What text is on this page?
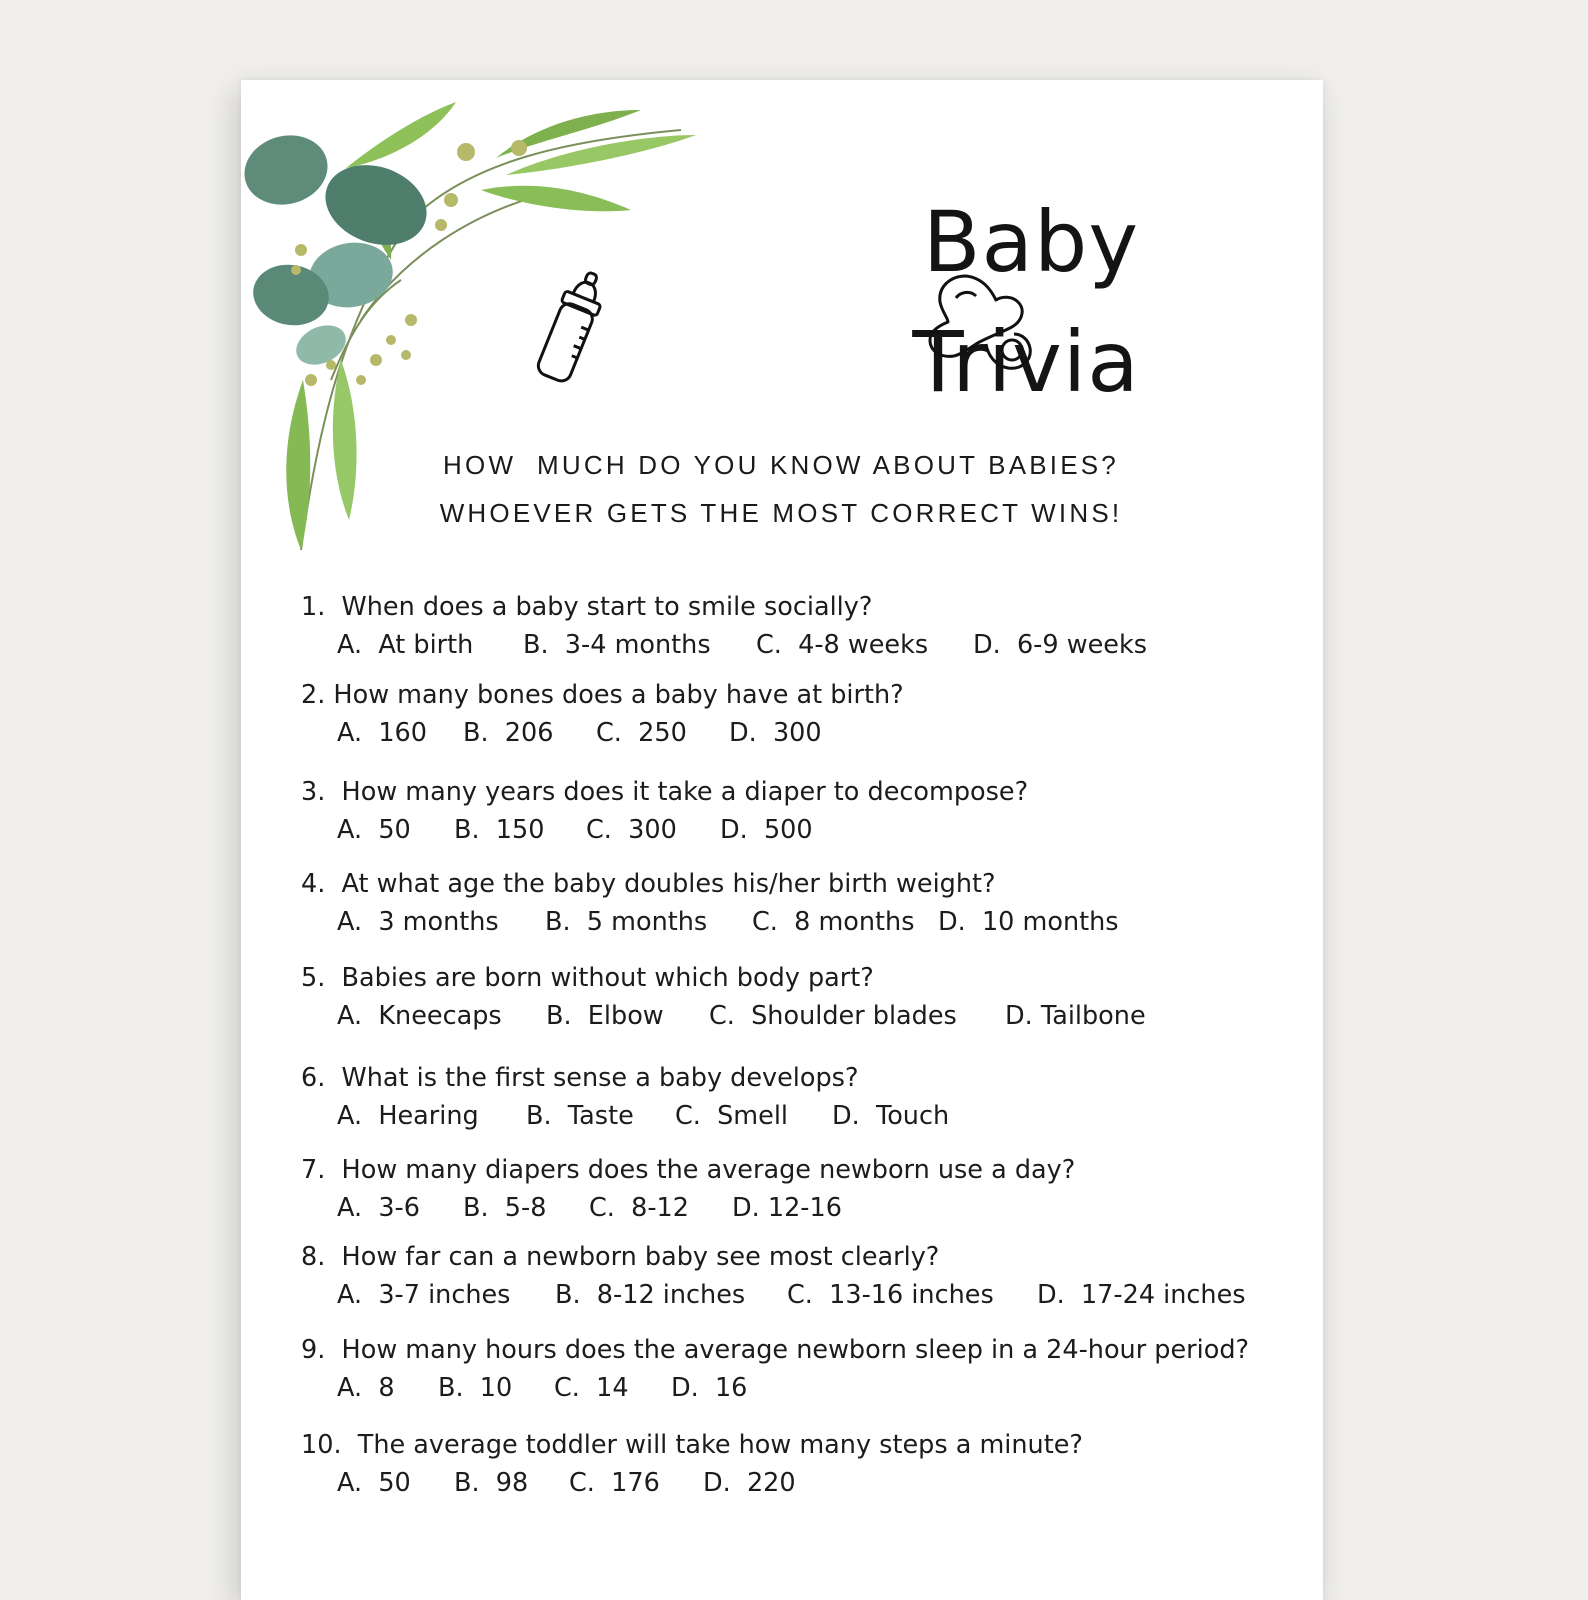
Baby
Trivia
HOW  MUCH DO YOU KNOW ABOUT BABIES?
WHOEVER GETS THE MOST CORRECT WINS!
1.  When does a baby start to smile socially?
A.  At birth B.  3-4 months C.  4-8 weeks D.  6-9 weeks
2. How many bones does a baby have at birth?
A.  160 B.  206 C.  250 D.  300
3.  How many years does it take a diaper to decompose?
A.  50 B.  150 C.  300 D.  500
4.  At what age the baby doubles his/her birth weight?
A.  3 months B.  5 months C.  8 months D.  10 months
5.  Babies are born without which body part?
A.  Kneecaps B.  Elbow C.  Shoulder blades D. Tailbone
6.  What is the first sense a baby develops?
A.  Hearing B.  Taste C.  Smell D.  Touch
7.  How many diapers does the average newborn use a day?
A.  3-6 B.  5-8 C.  8-12 D. 12-16
8.  How far can a newborn baby see most clearly?
A.  3-7 inches B.  8-12 inches C.  13-16 inches D.  17-24 inches
9.  How many hours does the average newborn sleep in a 24-hour period?
A.  8 B.  10 C.  14 D.  16
10.  The average toddler will take how many steps a minute?
A.  50 B.  98 C.  176 D.  220
